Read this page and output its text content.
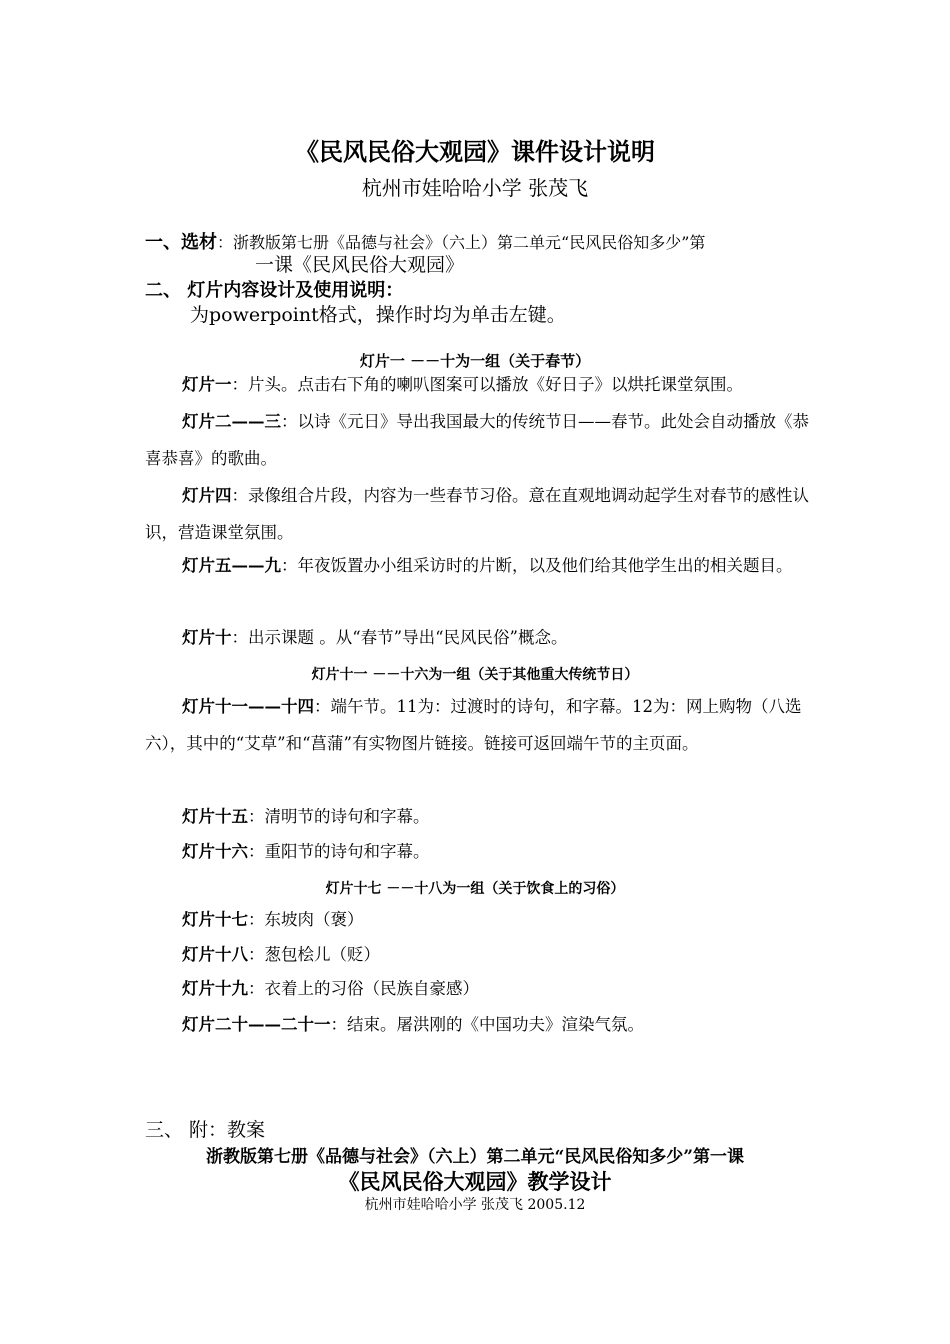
《民风民俗大观园》课件设计说明
杭州市娃哈哈小学 张茂飞
一、选材：浙教版第七册《品德与社会》（六上）第二单元“民风民俗知多少”第
一课《民风民俗大观园》
二、 灯片内容设计及使用说明：
为powerpoint格式，操作时均为单击左键。
灯片一 －－十为一组（关于春节）
灯片一：片头。点击右下角的喇叭图案可以播放《好日子》以烘托课堂氛围。
灯片二——三：以诗《元日》导出我国最大的传统节日——春节。此处会自动播放《恭喜恭喜》的歌曲。
灯片四：录像组合片段，内容为一些春节习俗。意在直观地调动起学生对春节的感性认识，营造课堂氛围。
灯片五——九：年夜饭置办小组采访时的片断，以及他们给其他学生出的相关题目。
灯片十：出示课题 。从“春节”导出“民风民俗”概念。
灯片十一 －－十六为一组（关于其他重大传统节日）
灯片十一——十四：端午节。11为：过渡时的诗句，和字幕。12为：网上购物（八选六），其中的“艾草”和“菖蒲”有实物图片链接。链接可返回端午节的主页面。
灯片十五：清明节的诗句和字幕。
灯片十六：重阳节的诗句和字幕。
灯片十七 －－十八为一组（关于饮食上的习俗）
灯片十七：东坡肉（褒）
灯片十八：葱包桧儿（贬）
灯片十九：衣着上的习俗（民族自豪感）
灯片二十——二十一：结束。屠洪刚的《中国功夫》渲染气氛。
三、 附：教案
浙教版第七册《品德与社会》（六上）第二单元“民风民俗知多少”第一课
《民风民俗大观园》教学设计
杭州市娃哈哈小学 张茂飞 2005.12
